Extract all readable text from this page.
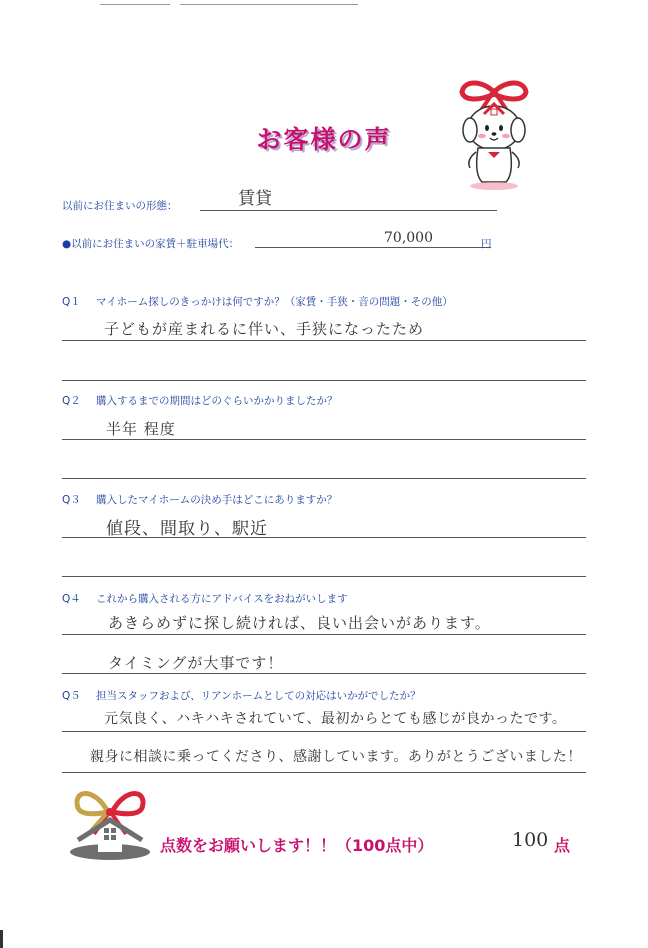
お客様の声
以前にお住まいの形態：	賃貸
●以前にお住まいの家賃＋駐車場代：	70,000	円
Q１ マイホーム探しのきっかけは何ですか？（家賃・手狭・音の問題・その他）
子どもが産まれるに伴い、手狭になったため
Q２ 購入するまでの期間はどのぐらいかかりましたか？
半年 程度
Q３ 購入したマイホームの決め手はどこにありますか？
値段、間取り、駅近
Q４ これから購入される方にアドバイスをおねがいします
あきらめずに探し続ければ、良い出会いがあります。
タイミングが大事です！
Q５ 担当スタッフおよび、リアンホームとしての対応はいかがでしたか？
元気良く、ハキハキされていて、最初からとても感じが良かったです。
親身に相談に乗ってくださり、感謝しています。ありがとうございました！
点数をお願いします！！（100点中）	100 点
